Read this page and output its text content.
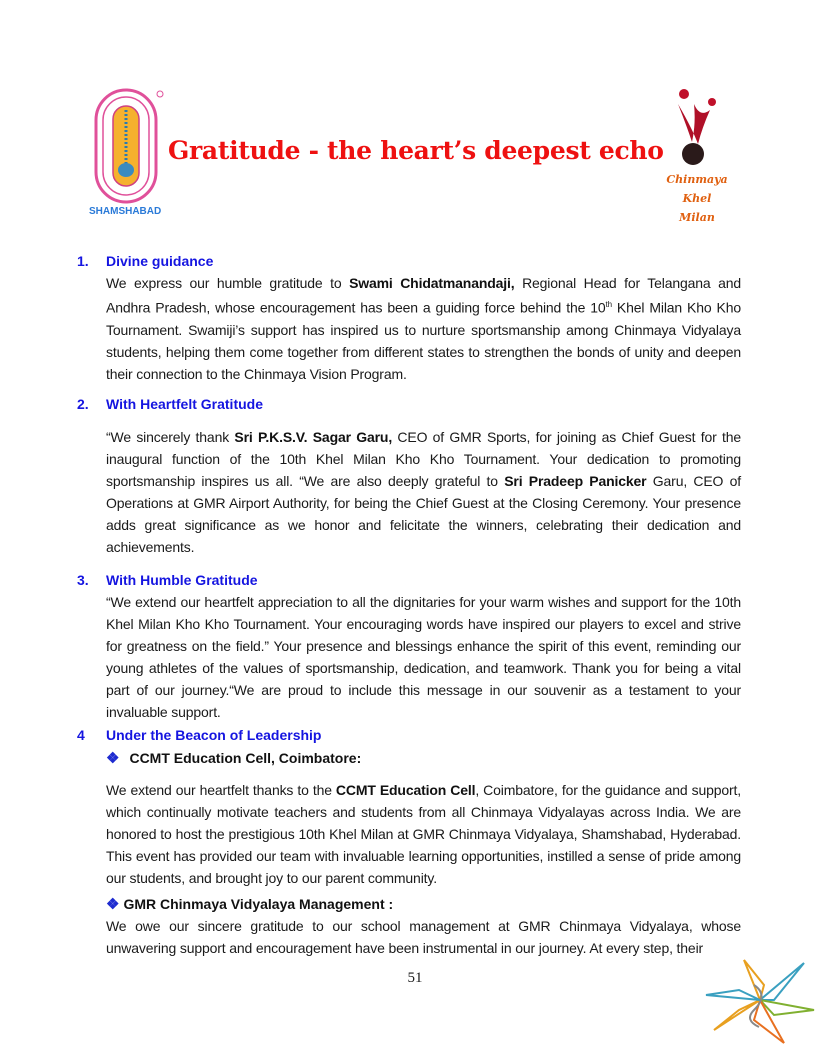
SHAMSHABAD
Gratitude - the heart’s deepest echo
Chinmaya
Khel Milan
1. Divine guidance
We express our humble gratitude to Swami Chidatmanandaji, Regional Head for Telangana and Andhra Pradesh, whose encouragement has been a guiding force behind the 10th Khel Milan Kho Kho Tournament. Swamiji’s support has inspired us to nurture sportsmanship among Chinmaya Vidyalaya students, helping them come together from different states to strengthen the bonds of unity and deepen their connection to the Chinmaya Vision Program.
2. With Heartfelt Gratitude
“We sincerely thank Sri P.K.S.V. Sagar Garu, CEO of GMR Sports, for joining as Chief Guest for the inaugural function of the 10th Khel Milan Kho Kho Tournament. Your dedication to promoting sportsmanship inspires us all. “We are also deeply grateful to Sri Pradeep Panicker Garu, CEO of Operations at GMR Airport Authority, for being the Chief Guest at the Closing Ceremony. Your presence adds great significance as we honor and felicitate the winners, celebrating their dedication and achievements.
3. With Humble Gratitude
“We extend our heartfelt appreciation to all the dignitaries for your warm wishes and support for the 10th Khel Milan Kho Kho Tournament. Your encouraging words have inspired our players to excel and strive for greatness on the field.” Your presence and blessings enhance the spirit of this event, reminding our young athletes of the values of sportsmanship, dedication, and teamwork. Thank you for being a vital part of our journey.“We are proud to include this message in our souvenir as a testament to your invaluable support.
4 Under the Beacon of Leadership
❖ CCMT Education Cell, Coimbatore:
We extend our heartfelt thanks to the CCMT Education Cell, Coimbatore, for the guidance and support, which continually motivate teachers and students from all Chinmaya Vidyalayas across India. We are honored to host the prestigious 10th Khel Milan at GMR Chinmaya Vidyalaya, Shamshabad, Hyderabad. This event has provided our team with invaluable learning opportunities, instilled a sense of pride among our students, and brought joy to our parent community.
❖ GMR Chinmaya Vidyalaya Management :
We owe our sincere gratitude to our school management at GMR Chinmaya Vidyalaya, whose unwavering support and encouragement have been instrumental in our journey. At every step, their
51
